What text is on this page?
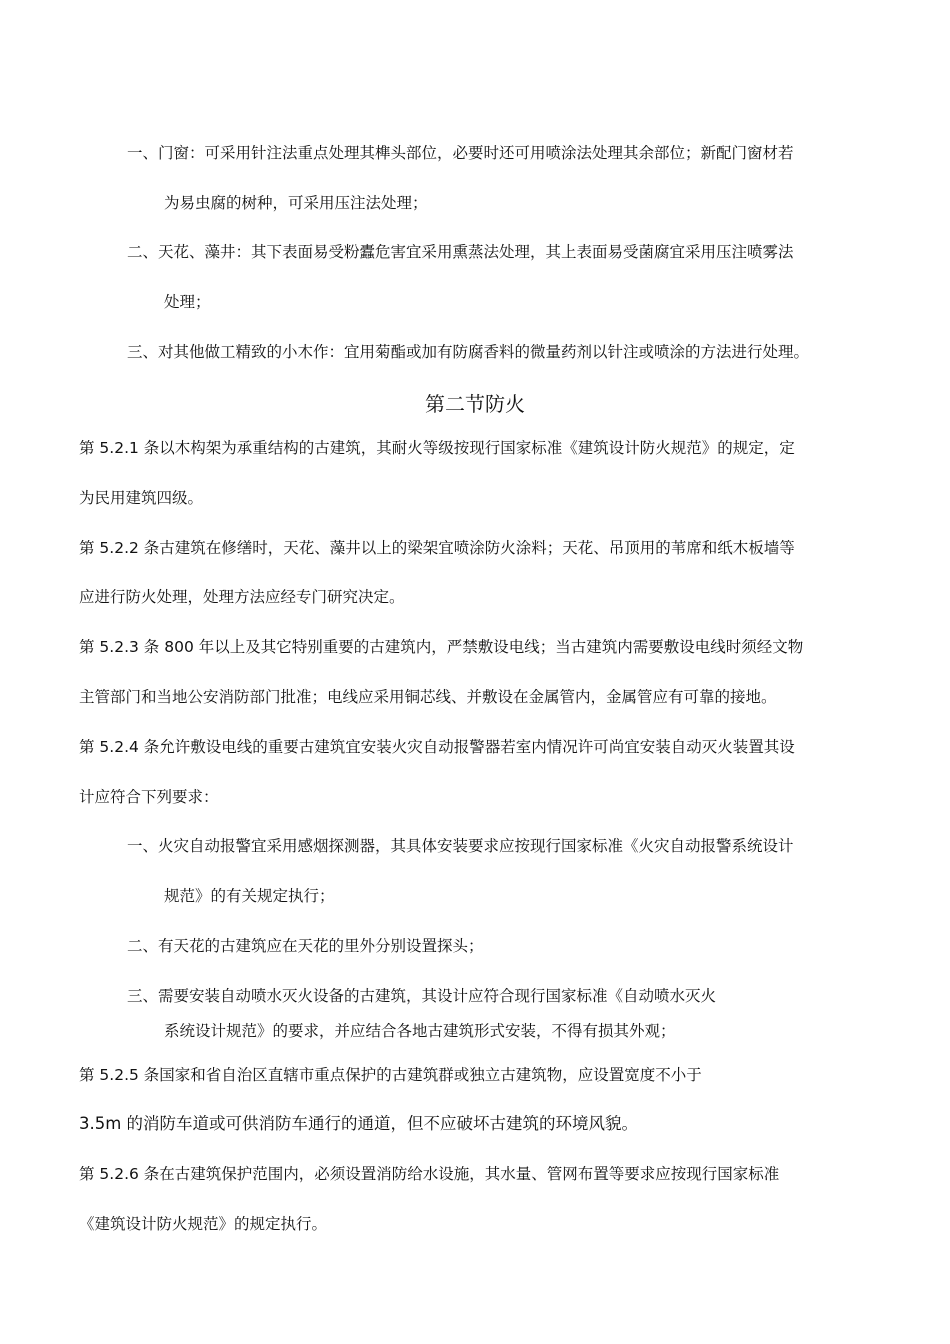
一、门窗：可采用针注法重点处理其榫头部位，必要时还可用喷涂法处理其余部位；新配门窗材若

为易虫腐的树种，可采用压注法处理；

二、天花、藻井：其下表面易受粉蠹危害宜采用熏蒸法处理，其上表面易受菌腐宜采用压注喷雾法

处理；

三、对其他做工精致的小木作：宜用菊酯或加有防腐香料的微量药剂以针注或喷涂的方法进行处理。

第二节防火

第 5.2.1 条以木构架为承重结构的古建筑，其耐火等级按现行国家标准《建筑设计防火规范》的规定，定

为民用建筑四级。

第 5.2.2 条古建筑在修缮时，天花、藻井以上的梁架宜喷涂防火涂料；天花、吊顶用的苇席和纸木板墙等

应进行防火处理，处理方法应经专门研究决定。

第 5.2.3 条 800 年以上及其它特别重要的古建筑内，严禁敷设电线；当古建筑内需要敷设电线时须经文物

主管部门和当地公安消防部门批准；电线应采用铜芯线、并敷设在金属管内，金属管应有可靠的接地。

第 5.2.4 条允许敷设电线的重要古建筑宜安装火灾自动报警器若室内情况许可尚宜安装自动灭火装置其设

计应符合下列要求：

一、火灾自动报警宜采用感烟探测器，其具体安装要求应按现行国家标准《火灾自动报警系统设计

规范》的有关规定执行；

二、有天花的古建筑应在天花的里外分别设置探头；

三、需要安装自动喷水灭火设备的古建筑，其设计应符合现行国家标准《自动喷水灭火

系统设计规范》的要求，并应结合各地古建筑形式安装，不得有损其外观；

第 5.2.5 条国家和省自治区直辖市重点保护的古建筑群或独立古建筑物，应设置宽度不小于

3.5m 的消防车道或可供消防车通行的通道，但不应破坏古建筑的环境风貌。

第 5.2.6 条在古建筑保护范围内，必须设置消防给水设施，其水量、管网布置等要求应按现行国家标准

《建筑设计防火规范》的规定执行。
